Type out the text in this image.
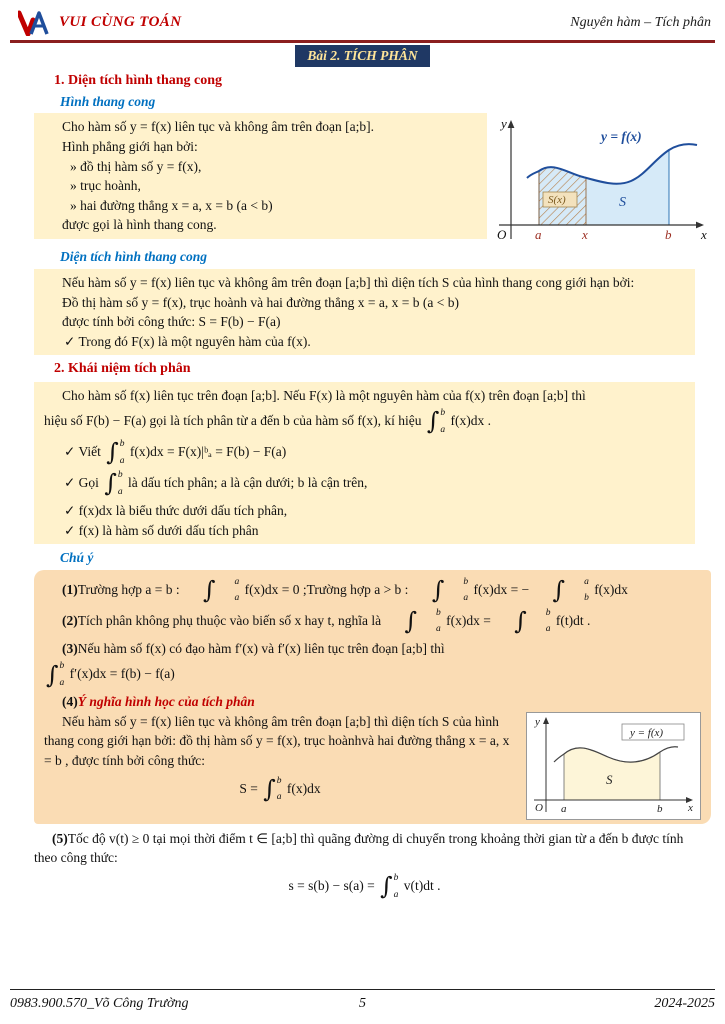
VUI CÙNG TOÁN	Nguyên hàm – Tích phân
Bài 2. TÍCH PHÂN
1. Diện tích hình thang cong
Hình thang cong
Cho hàm số y = f(x) liên tục và không âm trên đoạn [a;b].
Hình phẳng giới hạn bởi:
» đồ thị hàm số y = f(x),
» trục hoành,
» hai đường thẳng x = a, x = b (a < b)
được gọi là hình thang cong.
y
x
O a	x	b
y = f(x)
S
S(x)
Diện tích hình thang cong
Nếu hàm số y = f(x) liên tục và không âm trên đoạn [a;b] thì diện tích S của hình thang cong giới hạn bởi:
Đồ thị hàm số y = f(x), trục hoành và hai đường thẳng x = a, x = b (a < b)
được tính bởi công thức: S = F(b) − F(a)
✓ Trong đó F(x) là một nguyên hàm của f(x).
2. Khái niệm tích phân
Cho hàm số f(x) liên tục trên đoạn [a;b]. Nếu F(x) là một nguyên hàm của f(x) trên đoạn [a;b] thì
hiệu số F(b) − F(a) gọi là tích phân từ a đến b của hàm số f(x), kí hiệu ∫ b
a
f(x)dx .
✓ Viết ∫ b
a
f(x)dx = F(x)|ᵇₐ = F(b) − F(a)
✓ Gọi ∫ b
a
là dấu tích phân; a là cận dưới; b là cận trên,
✓ f(x)dx là biểu thức dưới dấu tích phân,
✓ f(x) là hàm số dưới dấu tích phân
Chú ý
(1)Trường hợp a = b : ∫	a
a
f(x)dx = 0 ;Trường hợp a > b : ∫	b
a
f(x)dx = − ∫	a
b
f(x)dx
(2)Tích phân không phụ thuộc vào biến số x hay t, nghĩa là ∫	b
a
f(x)dx = ∫	b
a
f(t)dt .
(3)Nếu hàm số f(x) có đạo hàm f′(x) và f′(x) liên tục trên đoạn [a;b] thì
∫ b
a
f′(x)dx = f(b) − f(a)
(4)Ý nghĩa hình học của tích phân
Nếu hàm số y = f(x) liên tục và không âm trên đoạn [a;b] thì diện tích S của hình thang cong giới hạn bởi: đồ thị hàm số y = f(x), trục hoànhvà hai đường thẳng x = a, x = b , được tính bởi công thức:
S = ∫ b
a
f(x)dx
y = f(x)
y
x
O a	b
S
(5)Tốc độ v(t) ≥ 0 tại mọi thời điểm t ∈ [a;b] thì quãng đường di chuyển trong khoảng thời gian từ a đến b được tính theo công thức:
s = s(b) − s(a) = ∫ b
a
v(t)dt .
0983.900.570_Võ Công Trường	5	2024-2025
